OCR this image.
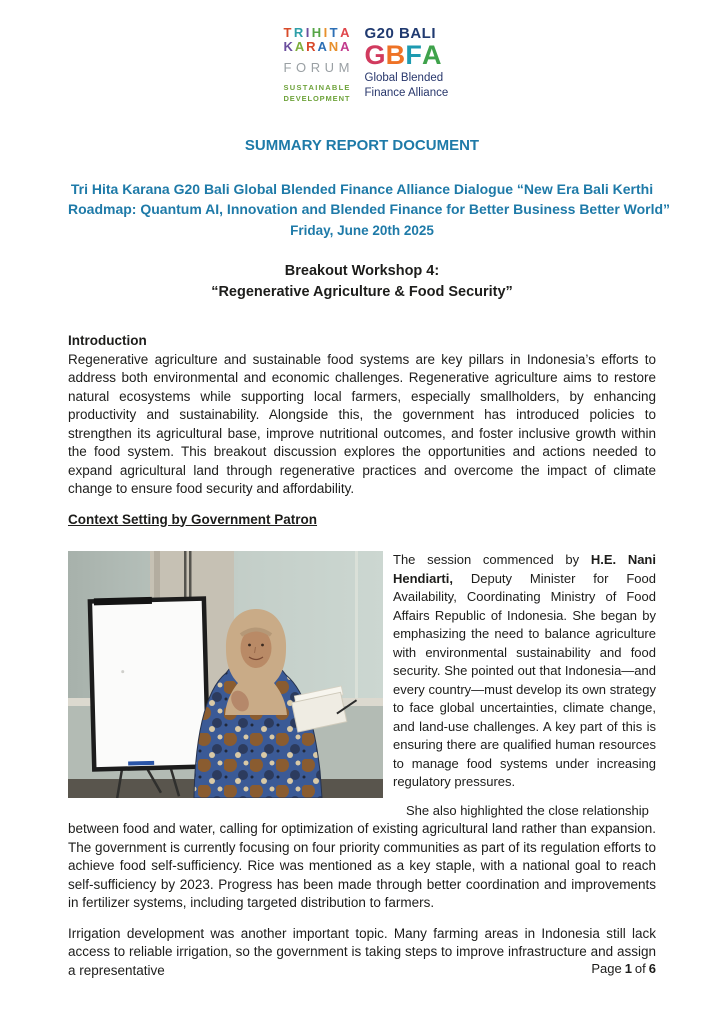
T R I H I T A
K A R A N A
F O R U M
S U S T A I N A B L E
D E V E L O P M E N T
G20 BALI
G B F A
Global Blended
Finance Alliance
SUMMARY REPORT DOCUMENT
Tri Hita Karana G20 Bali Global Blended Finance Alliance Dialogue “New Era Bali Kerthi
Roadmap: Quantum AI, Innovation and Blended Finance for Better Business Better World”
Friday, June 20th 2025
Breakout Workshop 4:
“Regenerative Agriculture & Food Security”
Introduction

Regenerative agriculture and sustainable food systems are key pillars in Indonesia’s efforts to address both environmental and economic challenges. Regenerative agriculture aims to restore natural ecosystems while supporting local farmers, especially smallholders, by enhancing productivity and sustainability. Alongside this, the government has introduced policies to strengthen its agricultural base, improve nutritional outcomes, and foster inclusive growth within the food system. This breakout discussion explores the opportunities and actions needed to expand agricultural land through regenerative practices and overcome the impact of climate change to ensure food security and affordability.

Context Setting by Government Patron

The session commenced by H.E. Nani Hendiarti, Deputy Minister for Food Availability, Coordinating Ministry of Food Affairs Republic of Indonesia. She began by emphasizing the need to balance agriculture with environmental sustainability and food security. She pointed out that Indonesia—and every country—must develop its own strategy to face global uncertainties, climate change, and land-use challenges. A key part of this is ensuring there are qualified human resources to manage food systems under increasing regulatory pressures.

She also highlighted the close relationship

between food and water, calling for optimization of existing agricultural land rather than expansion. The government is currently focusing on four priority communities as part of its regulation efforts to achieve food self-sufficiency. Rice was mentioned as a key staple, with a national goal to reach self-sufficiency by 2023. Progress has been made through better coordination and improvements in fertilizer systems, including targeted distribution to farmers.

Irrigation development was another important topic. Many farming areas in Indonesia still lack access to reliable irrigation, so the government is taking steps to improve infrastructure and assign a representative	Page 1 of 6
